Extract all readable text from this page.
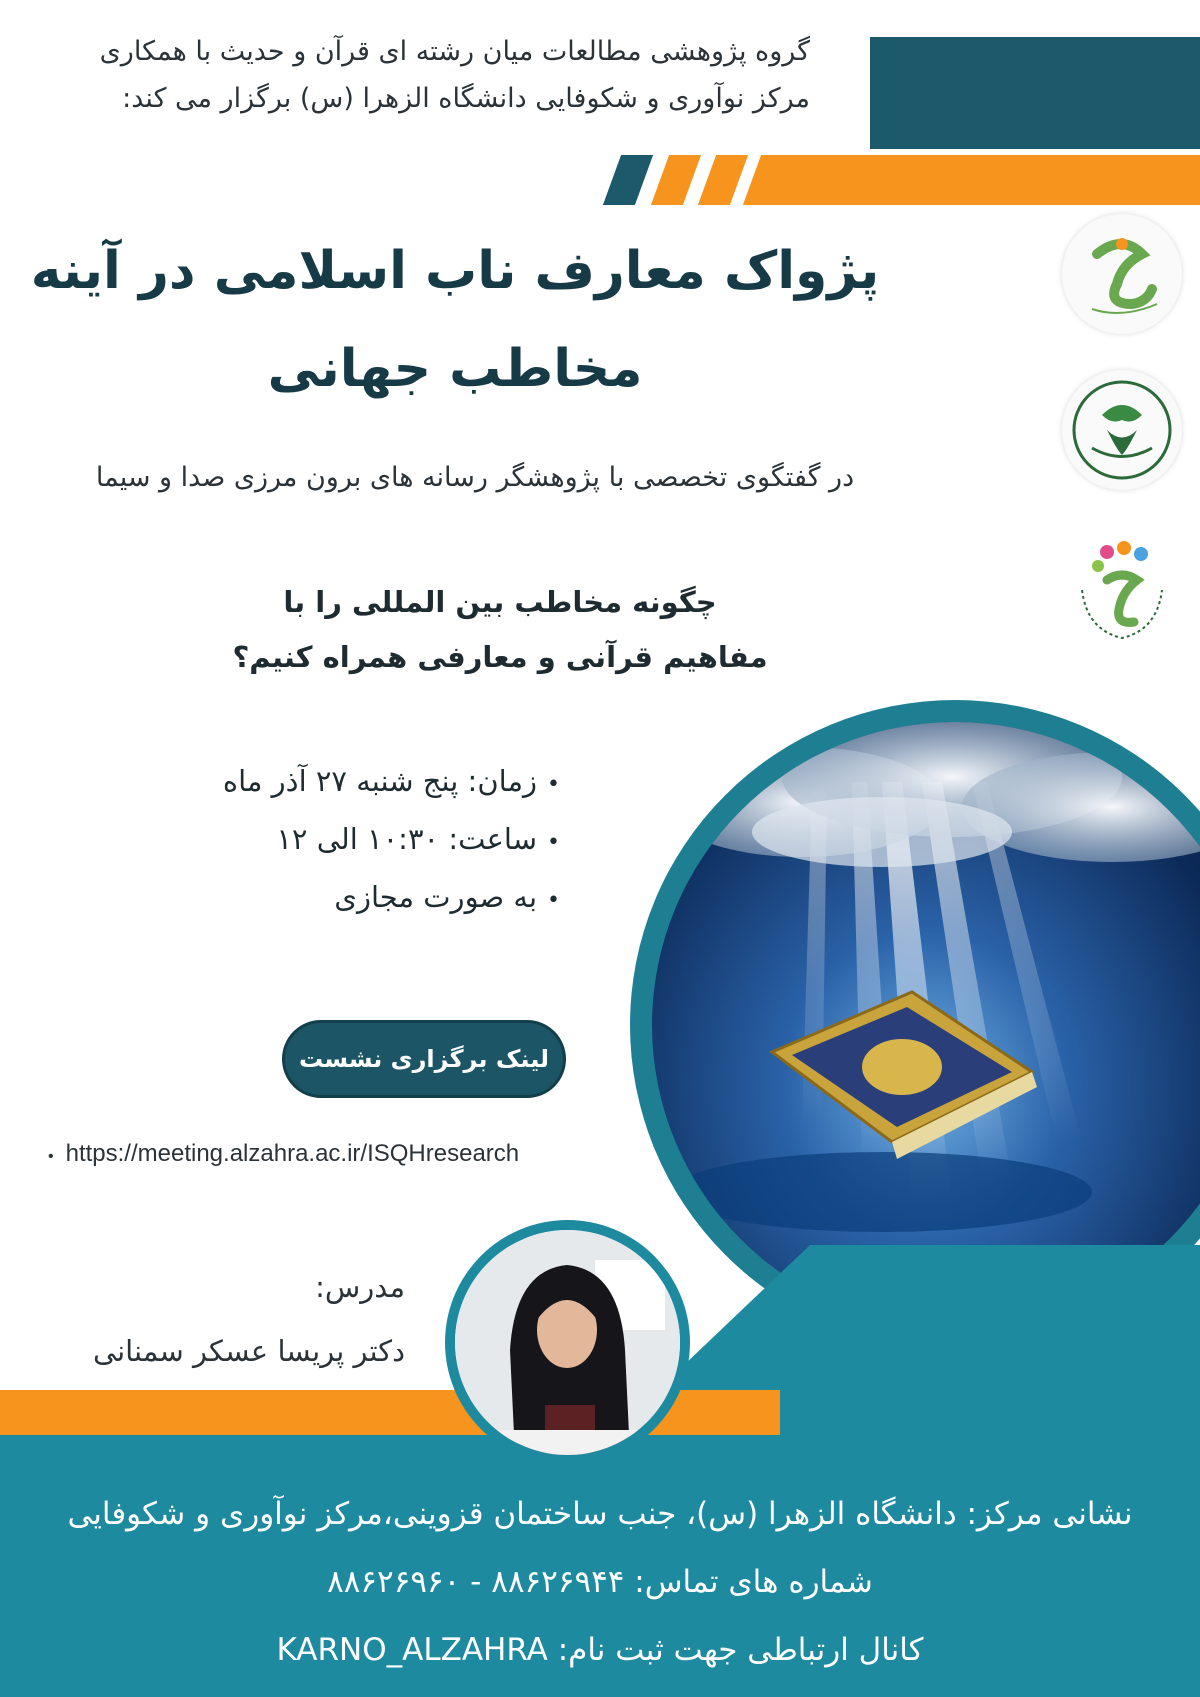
گروه پژوهشی مطالعات میان رشته ای قرآن و حدیث با همکاری
مرکز نوآوری و شکوفایی دانشگاه الزهرا (س) برگزار می کند:
پژواک معارف ناب اسلامی در آینه
مخاطب جهانی
در گفتگوی تخصصی با پژوهشگر رسانه های برون مرزی صدا و سیما
چگونه مخاطب بین المللی را با
مفاهیم قرآنی و معارفی همراه کنیم؟
•زمان: پنج شنبه ۲۷ آذر ماه
•ساعت: ۱۰:۳۰ الی ۱۲
•به صورت مجازی
لینک برگزاری نشست
• https://meeting.alzahra.ac.ir/ISQHresearch
مدرس:
دکتر پریسا عسکر سمنانی
نشانی مرکز: دانشگاه الزهرا (س)، جنب ساختمان قزوینی،مرکز نوآوری و شکوفایی
شماره های تماس: ۸۸۶۲۶۹۴۴ - ۸۸۶۲۶۹۶۰
کانال ارتباطی جهت ثبت نام: KARNO_ALZAHRA
